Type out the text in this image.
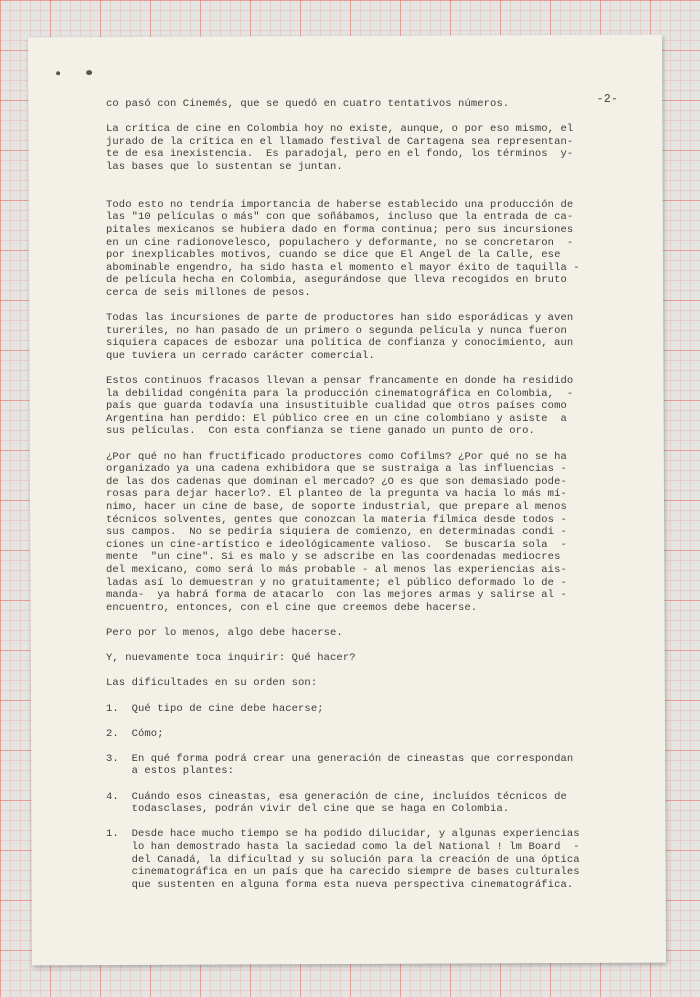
-2-
co pasó con Cinemés, que se quedó en cuatro tentativos números.
La crítica de cine en Colombia hoy no existe, aunque, o por eso mismo, el
jurado de la crítica en el llamado festival de Cartagena sea representan-
te de esa inexistencia.  Es paradojal, pero en el fondo, los términos  y-
las bases que lo sustentan se juntan.
Todo esto no tendría importancia de haberse establecido una producción de
las "10 películas o más" con que soñábamos, incluso que la entrada de ca-
pitales mexicanos se hubiera dado en forma continua; pero sus incursiones
en un cine radionovelesco, populachero y deformante, no se concretaron  -
por inexplicables motivos, cuando se dice que El Angel de la Calle, ese
abominable engendro, ha sido hasta el momento el mayor éxito de taquilla -
de película hecha en Colombia, asegurándose que lleva recogidos en bruto
cerca de seis millones de pesos.
Todas las incursiones de parte de productores han sido esporádicas y aven
tureriles, no han pasado de un primero o segunda película y nunca fueron
siquiera capaces de esbozar una política de confianza y conocimiento, aun
que tuviera un cerrado carácter comercial.
Estos continuos fracasos llevan a pensar francamente en donde ha residido
la debilidad congénita para la producción cinematográfica en Colombia,  -
país que guarda todavía una insustituible cualidad que otros países como
Argentina han perdido: El público cree en un cine colombiano y asiste  a
sus películas.  Con esta confianza se tiene ganado un punto de oro.
¿Por qué no han fructificado productores como Cofilms? ¿Por qué no se ha
organizado ya una cadena exhibidora que se sustraiga a las influencias -
de las dos cadenas que dominan el mercado? ¿O es que son demasiado pode-
rosas para dejar hacerlo?. El planteo de la pregunta va hacia lo más mí-
nimo, hacer un cine de base, de soporte industrial, que prepare al menos
técnicos solventes, gentes que conozcan la materia fílmica desde todos -
sus campos.  No se pediría siquiera de comienzo, en determinadas condi -
ciones un cine-artístico e ideológicamente valioso.  Se buscaría sola  -
mente  "un cine". Si es malo y se adscribe en las coordenadas mediocres
del mexicano, como será lo más probable - al menos las experiencias ais-
ladas así lo demuestran y no gratuitamente; el público deformado lo de -
manda-  ya habrá forma de atacarlo  con las mejores armas y salirse al -
encuentro, entonces, con el cine que creemos debe hacerse.
Pero por lo menos, algo debe hacerse.
Y, nuevamente toca inquirir: Qué hacer?
Las dificultades en su orden son:
1.  Qué tipo de cine debe hacerse;
2.  Cómo;
3.  En qué forma podrá crear una generación de cineastas que correspondan
a estos plantes:
4.  Cuándo esos cineastas, esa generación de cine, incluídos técnicos de
todasclases, podrán vivir del cine que se haga en Colombia.
1.  Desde hace mucho tiempo se ha podido dilucidar, y algunas experiencias
lo han demostrado hasta la saciedad como la del National ! lm Board  -
del Canadá, la dificultad y su solución para la creación de una óptica
cinematográfica en un país que ha carecido siempre de bases culturales
que sustenten en alguna forma esta nueva perspectiva cinematográfica.
